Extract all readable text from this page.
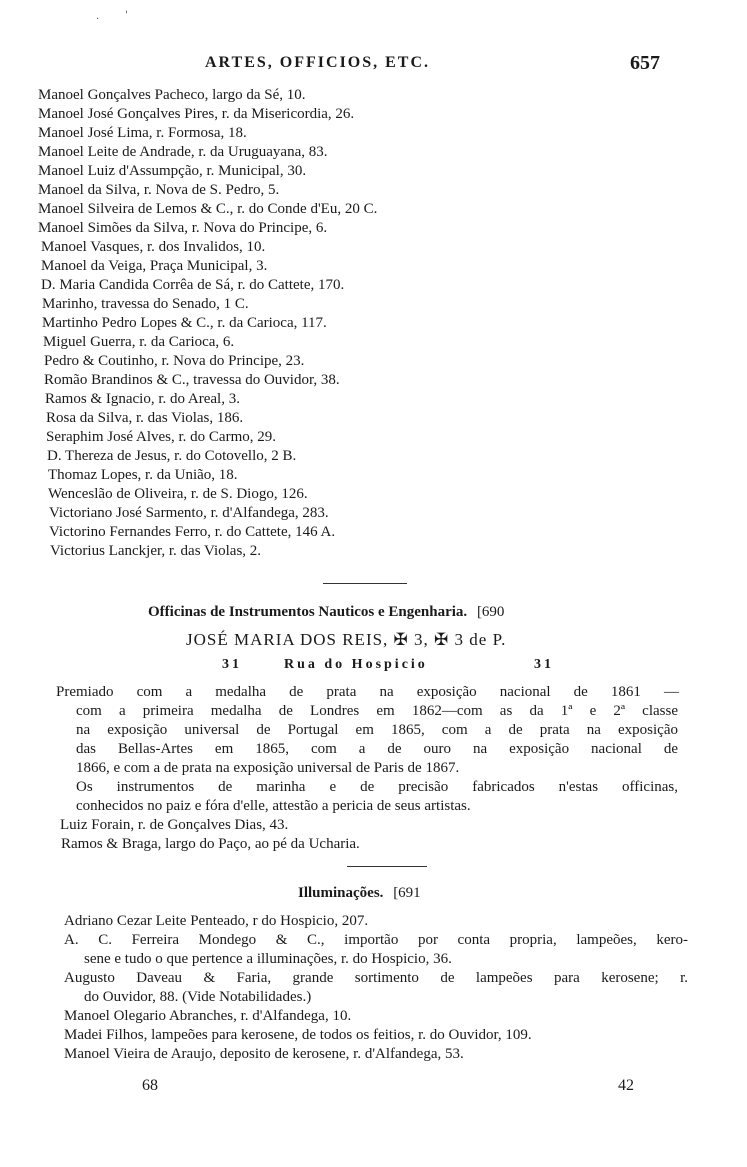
ARTES, OFFICIOS, ETC.	657
Manoel Gonçalves Pacheco, largo da Sé, 10.
Manoel José Gonçalves Pires, r. da Misericordia, 26.
Manoel José Lima, r. Formosa, 18.
Manoel Leite de Andrade, r. da Uruguayana, 83.
Manoel Luiz d'Assumpção, r. Municipal, 30.
Manoel da Silva, r. Nova de S. Pedro, 5.
Manoel Silveira de Lemos & C., r. do Conde d'Eu, 20 C.
Manoel Simões da Silva, r. Nova do Principe, 6.
Manoel Vasques, r. dos Invalidos, 10.
Manoel da Veiga, Praça Municipal, 3.
D. Maria Candida Corrêa de Sá, r. do Cattete, 170.
Marinho, travessa do Senado, 1 C.
Martinho Pedro Lopes & C., r. da Carioca, 117.
Miguel Guerra, r. da Carioca, 6.
Pedro & Coutinho, r. Nova do Principe, 23.
Romão Brandinos & C., travessa do Ouvidor, 38.
Ramos & Ignacio, r. do Areal, 3.
Rosa da Silva, r. das Violas, 186.
Seraphim José Alves, r. do Carmo, 29.
D. Thereza de Jesus, r. do Cotovello, 2 B.
Thomaz Lopes, r. da União, 18.
Wenceslão de Oliveira, r. de S. Diogo, 126.
Victoriano José Sarmento, r. d'Alfandega, 283.
Victorino Fernandes Ferro, r. do Cattete, 146 A.
Victorius Lanckjer, r. das Violas, 2.
Officinas de Instrumentos Nauticos e Engenharia. [690
JOSÉ MARIA DOS REIS, ✠ 3, ✠ 3 de P.
31	Rua do Hospicio	31
Premiado com a medalha de prata na exposição nacional de 1861 —
com a primeira medalha de Londres em 1862—com as da 1ª e 2ª classe
na exposição universal de Portugal em 1865, com a de prata na exposição
das Bellas-Artes em 1865, com a de ouro na exposição nacional de
1866, e com a de prata na exposição universal de Paris de 1867.
Os instrumentos de marinha e de precisão fabricados n'estas officinas,
conhecidos no paiz e fóra d'elle, attestão a pericia de seus artistas.
Luiz Forain, r. de Gonçalves Dias, 43.
Ramos & Braga, largo do Paço, ao pé da Ucharia.
Illuminações. [691
Adriano Cezar Leite Penteado, r do Hospicio, 207.
A. C. Ferreira Mondego & C., importão por conta propria, lampeões, kero-
sene e tudo o que pertence a illuminações, r. do Hospicio, 36.
Augusto Daveau & Faria, grande sortimento de lampeões para kerosene; r.
do Ouvidor, 88. (Vide Notabilidades.)
Manoel Olegario Abranches, r. d'Alfandega, 10.
Madei Filhos, lampeões para kerosene, de todos os feitios, r. do Ouvidor, 109.
Manoel Vieira de Araujo, deposito de kerosene, r. d'Alfandega, 53.
68	42
·	'
